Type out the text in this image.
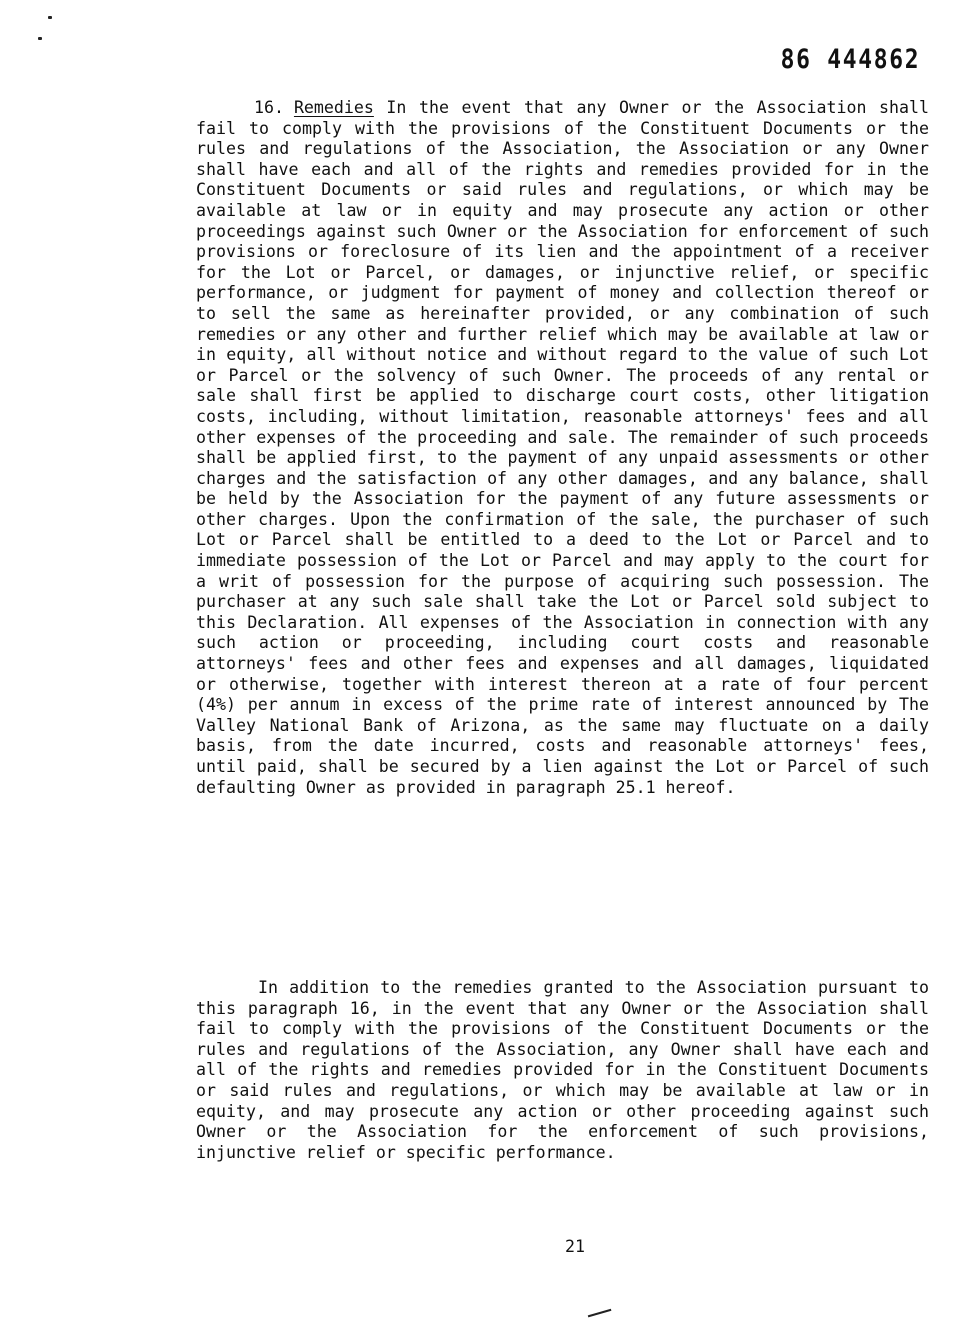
86 444862
16. Remedies In the event that any Owner or the Association shall fail to comply with the provisions of the Constituent Documents or the rules and regulations of the Association, the Association or any Owner shall have each and all of the rights and remedies provided for in the Constituent Documents or said rules and regulations, or which may be available at law or in equity and may prosecute any action or other proceedings against such Owner or the Association for enforcement of such provisions or foreclosure of its lien and the appointment of a receiver for the Lot or Parcel, or damages, or injunctive relief, or specific performance, or judgment for payment of money and collection thereof or to sell the same as hereinafter provided, or any combination of such remedies or any other and further relief which may be available at law or in equity, all without notice and without regard to the value of such Lot or Parcel or the solvency of such Owner. The proceeds of any rental or sale shall first be applied to discharge court costs, other litigation costs, including, without limitation, reasonable attorneys' fees and all other expenses of the proceeding and sale. The remainder of such proceeds shall be applied first, to the payment of any unpaid assessments or other charges and the satisfaction of any other damages, and any balance, shall be held by the Association for the payment of any future assessments or other charges. Upon the confirmation of the sale, the purchaser of such Lot or Parcel shall be entitled to a deed to the Lot or Parcel and to immediate possession of the Lot or Parcel and may apply to the court for a writ of possession for the purpose of acquiring such possession. The purchaser at any such sale shall take the Lot or Parcel sold subject to this Declaration. All expenses of the Association in connection with any such action or proceeding, including court costs and reasonable attorneys' fees and other fees and expenses and all damages, liquidated or otherwise, together with interest thereon at a rate of four percent (4%) per annum in excess of the prime rate of interest announced by The Valley National Bank of Arizona, as the same may fluctuate on a daily basis, from the date incurred, costs and reasonable attorneys' fees, until paid, shall be secured by a lien against the Lot or Parcel of such defaulting Owner as provided in paragraph 25.1 hereof.
In addition to the remedies granted to the Association pursuant to this paragraph 16, in the event that any Owner or the Association shall fail to comply with the provisions of the Constituent Documents or the rules and regulations of the Association, any Owner shall have each and all of the rights and remedies provided for in the Constituent Documents or said rules and regulations, or which may be available at law or in equity, and may prosecute any action or other proceeding against such Owner or the Association for the enforcement of such provisions, injunctive relief or specific performance.
21
